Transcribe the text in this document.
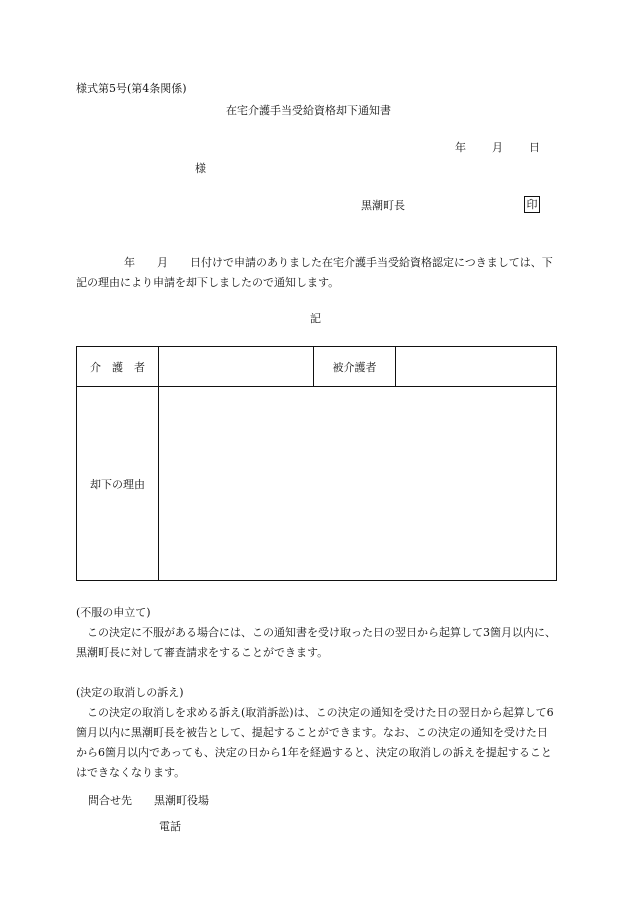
様式第5号(第4条関係)
在宅介護手当受給資格却下通知書
年 月 日
様
黒潮町長	印
年 月 日付けで申請のありました在宅介護手当受給資格認定につきましては、下記の理由により申請を却下しましたので通知します。
記
介　護　者		被介護者	
却下の理由			

(不服の申立て)

この決定に不服がある場合には、この通知書を受け取った日の翌日から起算して3箇月以内に、黒潮町長に対して審査請求をすることができます。

(決定の取消しの訴え)

この決定の取消しを求める訴え(取消訴訟)は、この決定の通知を受けた日の翌日から起算して6箇月以内に黒潮町長を被告として、提起することができます。なお、この決定の通知を受けた日から6箇月以内であっても、決定の日から1年を経過すると、決定の取消しの訴えを提起することはできなくなります。

問合せ先 黒潮町役場
電話
